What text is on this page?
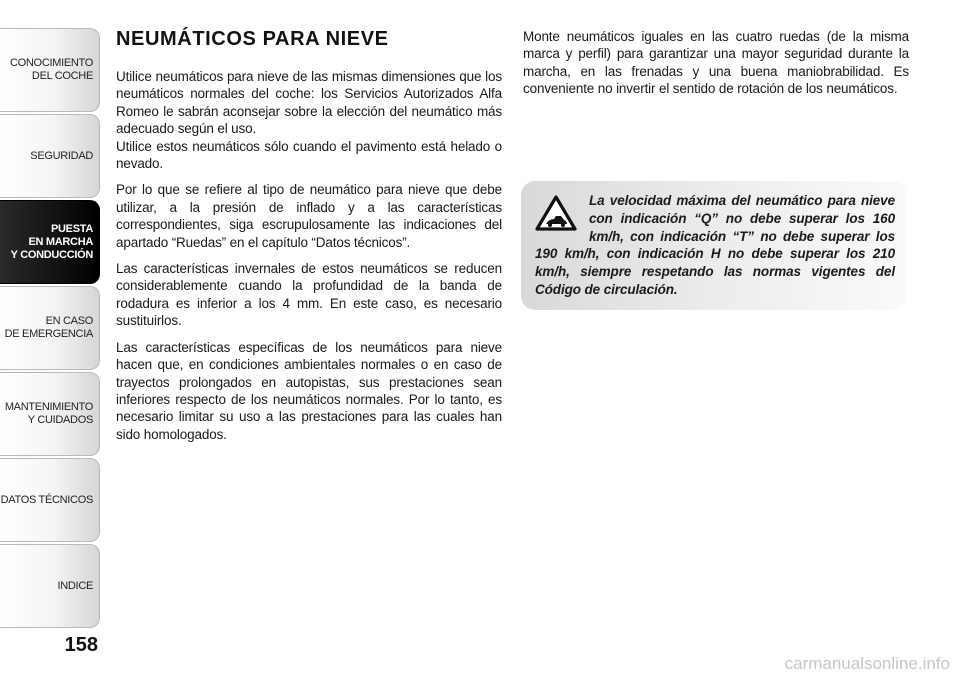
CONOCIMIENTO
DEL COCHE
SEGURIDAD
PUESTA
EN MARCHA
Y CONDUCCIÓN
EN CASO
DE EMERGENCIA
MANTENIMIENTO
Y CUIDADOS
DATOS TÉCNICOS
INDICE
158
NEUMÁTICOS PARA NIEVE

Utilice neumáticos para nieve de las mismas dimensiones que los neumáticos normales del coche: los Servicios Autorizados Alfa Romeo le sabrán aconsejar sobre la elección del neumático más adecuado según el uso.

Utilice estos neumáticos sólo cuando el pavimento está helado o nevado.

Por lo que se refiere al tipo de neumático para nieve que debe utilizar, a la presión de inflado y a las características correspondientes, siga escrupulosamente las indicaciones del apartado “Ruedas” en el capítulo “Datos técnicos”.

Las características invernales de estos neumáticos se reducen considerablemente cuando la profundidad de la banda de rodadura es inferior a los 4 mm. En este caso, es necesario sustituirlos.

Las características específicas de los neumáticos para nieve hacen que, en condiciones ambientales normales o en caso de trayectos prolongados en autopistas, sus prestaciones sean inferiores respecto de los neumáticos normales. Por lo tanto, es necesario limitar su uso a las prestaciones para las cuales han sido homologados.

Monte neumáticos iguales en las cuatro ruedas (de la misma marca y perfil) para garantizar una mayor seguridad durante la marcha, en las frenadas y una buena maniobrabilidad. Es conveniente no invertir el sentido de rotación de los neumáticos.

La velocidad máxima del neumático para nieve con indicación “Q” no debe superar los 160 km/h, con indicación “T” no debe superar los 190 km/h, con indicación H no debe superar los 210 km/h, siempre respetando las normas vigentes del Código de circulación.
carmanualsonline.info
